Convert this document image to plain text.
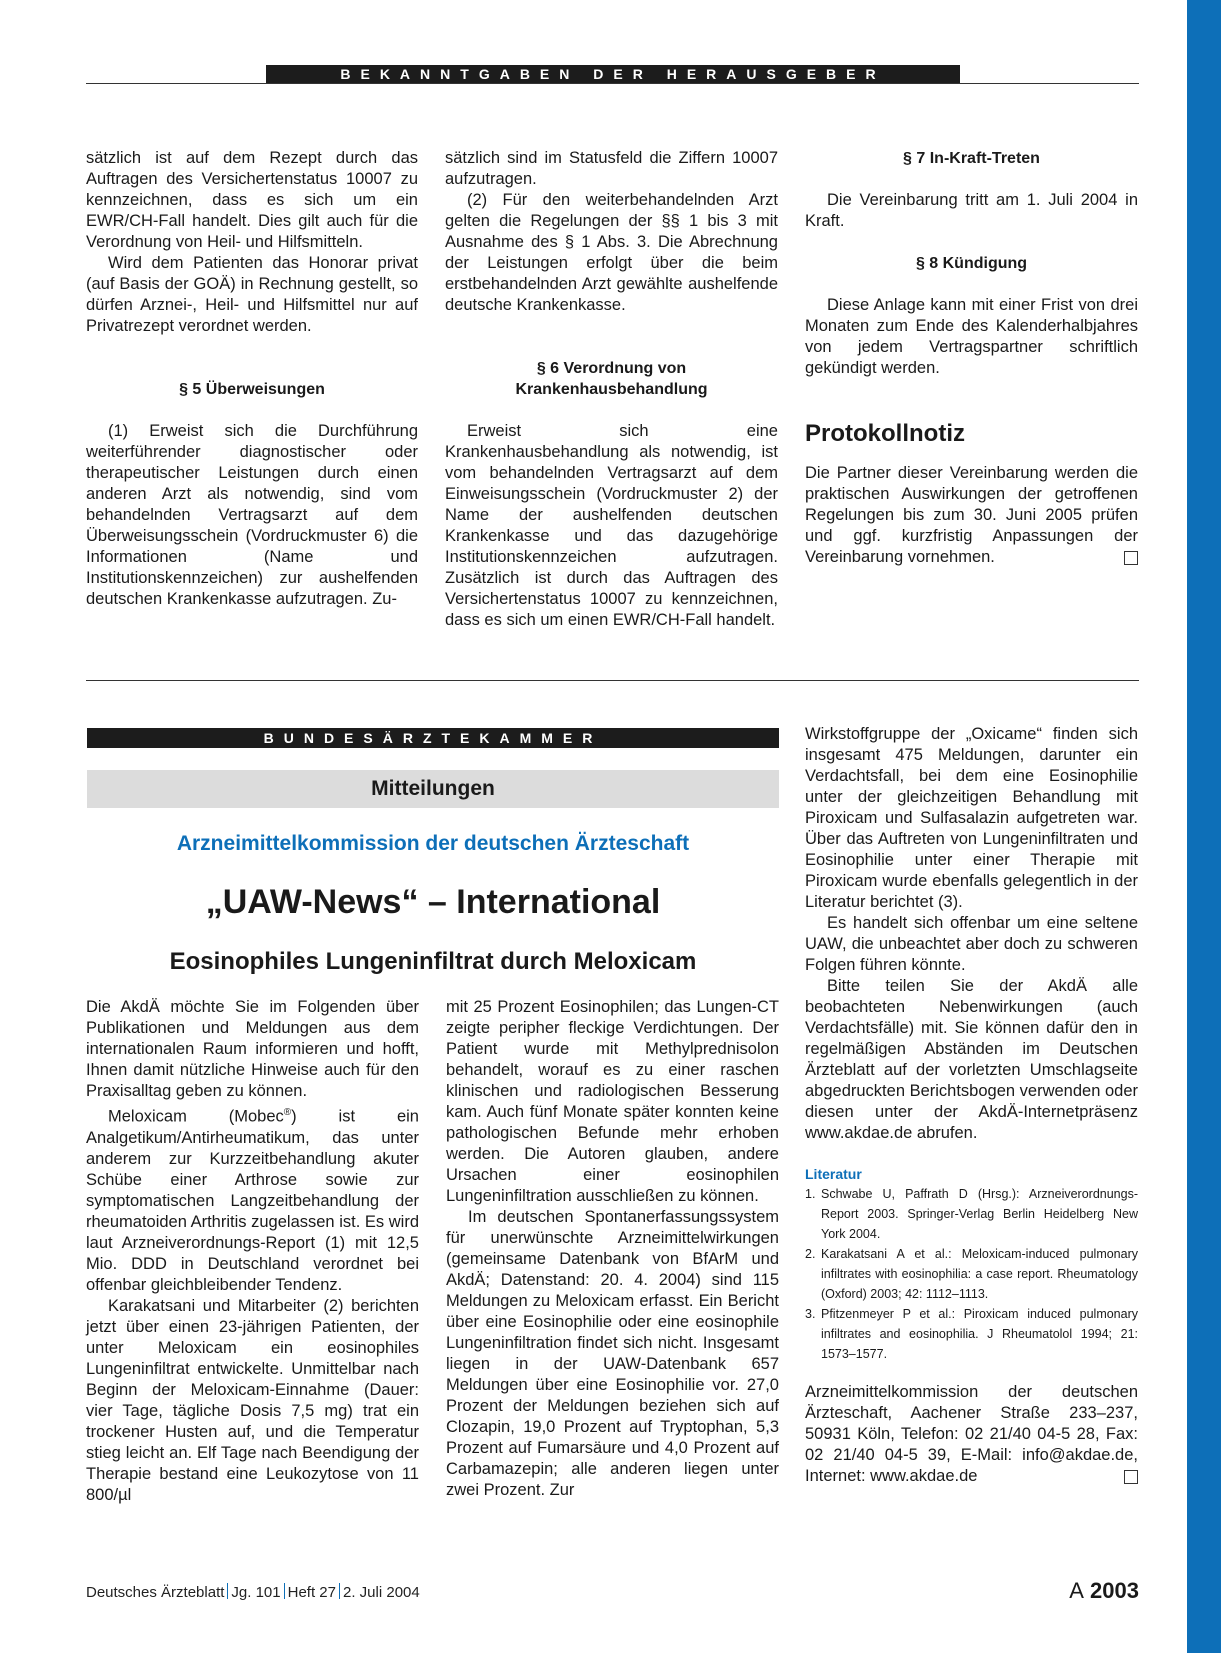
BEKANNTGABEN DER HERAUSGEBER

sätzlich ist auf dem Rezept durch das Auftragen des Versichertenstatus 10007 zu kennzeichnen, dass es sich um ein EWR/CH-Fall handelt. Dies gilt auch für die Verordnung von Heil- und Hilfsmitteln.

Wird dem Patienten das Honorar privat (auf Basis der GOÄ) in Rechnung gestellt, so dürfen Arznei-, Heil- und Hilfsmittel nur auf Privatrezept verordnet werden.

§ 5 Überweisungen

(1) Erweist sich die Durchführung weiterführender diagnostischer oder therapeutischer Leistungen durch einen anderen Arzt als notwendig, sind vom behandelnden Vertragsarzt auf dem Überweisungsschein (Vordruckmuster 6) die Informationen (Name und Institutionskennzeichen) zur aushelfenden deutschen Krankenkasse aufzutragen. Zu-

sätzlich sind im Statusfeld die Ziffern 10007 aufzutragen.

(2) Für den weiterbehandelnden Arzt gelten die Regelungen der §§ 1 bis 3 mit Ausnahme des § 1 Abs. 3. Die Abrechnung der Leistungen erfolgt über die beim erstbehandelnden Arzt gewählte aushelfende deutsche Krankenkasse.

§ 6 Verordnung von
Krankenhausbehandlung

Erweist sich eine Krankenhausbehandlung als notwendig, ist vom behandelnden Vertragsarzt auf dem Einweisungsschein (Vordruckmuster 2) der Name der aushelfenden deutschen Krankenkasse und das dazugehörige Institutionskennzeichen aufzutragen. Zusätzlich ist durch das Auftragen des Versichertenstatus 10007 zu kennzeichnen, dass es sich um einen EWR/CH-Fall handelt.

§ 7 In-Kraft-Treten

Die Vereinbarung tritt am 1. Juli 2004 in Kraft.

§ 8 Kündigung

Diese Anlage kann mit einer Frist von drei Monaten zum Ende des Kalenderhalbjahres von jedem Vertragspartner schriftlich gekündigt werden.

Protokollnotiz

Die Partner dieser Vereinbarung werden die praktischen Auswirkungen der getroffenen Regelungen bis zum 30. Juni 2005 prüfen und ggf. kurzfristig Anpassungen der Vereinbarung vornehmen.

BUNDESÄRZTEKAMMER
Mitteilungen
Arzneimittelkommission der deutschen Ärzteschaft
„UAW-News“ – International
Eosinophiles Lungeninfiltrat durch Meloxicam

Die AkdÄ möchte Sie im Folgenden über Publikationen und Meldungen aus dem internationalen Raum informieren und hofft, Ihnen damit nützliche Hinweise auch für den Praxisalltag geben zu können.

Meloxicam (Mobec®) ist ein Analgetikum/Antirheumatikum, das unter anderem zur Kurzzeitbehandlung akuter Schübe einer Arthrose sowie zur symptomatischen Langzeitbehandlung der rheumatoiden Arthritis zugelassen ist. Es wird laut Arzneiverordnungs-Report (1) mit 12,5 Mio. DDD in Deutschland verordnet bei offenbar gleichbleibender Tendenz.

Karakatsani und Mitarbeiter (2) berichten jetzt über einen 23-jährigen Patienten, der unter Meloxicam ein eosinophiles Lungeninfiltrat entwickelte. Unmittelbar nach Beginn der Meloxicam-Einnahme (Dauer: vier Tage, tägliche Dosis 7,5 mg) trat ein trockener Husten auf, und die Temperatur stieg leicht an. Elf Tage nach Beendigung der Therapie bestand eine Leukozytose von 11 800/µl

mit 25 Prozent Eosinophilen; das Lungen-CT zeigte peripher fleckige Verdichtungen. Der Patient wurde mit Methylprednisolon behandelt, worauf es zu einer raschen klinischen und radiologischen Besserung kam. Auch fünf Monate später konnten keine pathologischen Befunde mehr erhoben werden. Die Autoren glauben, andere Ursachen einer eosinophilen Lungeninfiltration ausschließen zu können.

Im deutschen Spontanerfassungssystem für unerwünschte Arzneimittelwirkungen (gemeinsame Datenbank von BfArM und AkdÄ; Datenstand: 20. 4. 2004) sind 115 Meldungen zu Meloxicam erfasst. Ein Bericht über eine Eosinophilie oder eine eosinophile Lungeninfiltration findet sich nicht. Insgesamt liegen in der UAW-Datenbank 657 Meldungen über eine Eosinophilie vor. 27,0 Prozent der Meldungen beziehen sich auf Clozapin, 19,0 Prozent auf Tryptophan, 5,3 Prozent auf Fumarsäure und 4,0 Prozent auf Carbamazepin; alle anderen liegen unter zwei Prozent. Zur

Wirkstoffgruppe der „Oxicame“ finden sich insgesamt 475 Meldungen, darunter ein Verdachtsfall, bei dem eine Eosinophilie unter der gleichzeitigen Behandlung mit Piroxicam und Sulfasalazin aufgetreten war. Über das Auftreten von Lungeninfiltraten und Eosinophilie unter einer Therapie mit Piroxicam wurde ebenfalls gelegentlich in der Literatur berichtet (3).

Es handelt sich offenbar um eine seltene UAW, die unbeachtet aber doch zu schweren Folgen führen könnte.

Bitte teilen Sie der AkdÄ alle beobachteten Nebenwirkungen (auch Verdachtsfälle) mit. Sie können dafür den in regelmäßigen Abständen im Deutschen Ärzteblatt auf der vorletzten Umschlagseite abgedruckten Berichtsbogen verwenden oder diesen unter der AkdÄ-Internetpräsenz www.akdae.de abrufen.

Literatur

1. Schwabe U, Paffrath D (Hrsg.): Arzneiverordnungs-Report 2003. Springer-Verlag Berlin Heidelberg New York 2004.
2. Karakatsani A et al.: Meloxicam-induced pulmonary infiltrates with eosinophilia: a case report. Rheumatology (Oxford) 2003; 42: 1112–1113.
3. Pfitzenmeyer P et al.: Piroxicam induced pulmonary infiltrates and eosinophilia. J Rheumatolol 1994; 21: 1573–1577.

Arzneimittelkommission der deutschen Ärzteschaft, Aachener Straße 233–237, 50931 Köln, Telefon: 02 21/40 04-5 28, Fax: 02 21/40 04-5 39, E-Mail: info@akdae.de, Internet: www.akdae.de

Deutsches Ärzteblatt Jg. 101 Heft 27 2. Juli 2004	A 2003
